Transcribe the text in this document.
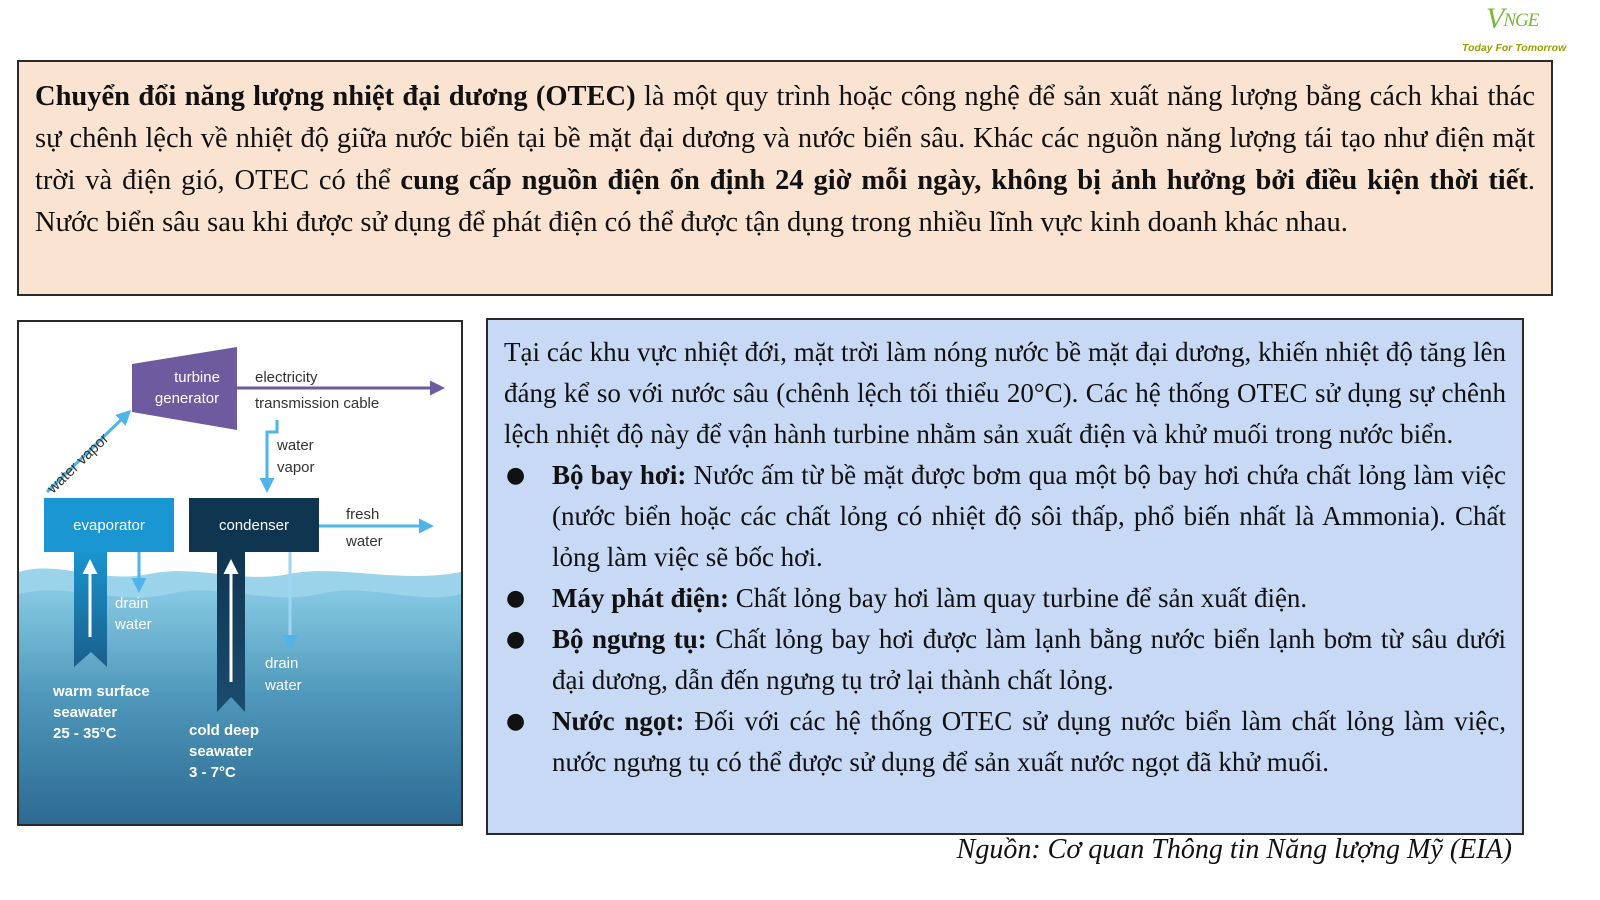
VNGE
Today For Tomorrow
Chuyển đổi năng lượng nhiệt đại dương (OTEC) là một quy trình hoặc công nghệ để sản xuất năng lượng bằng cách khai thác sự chênh lệch về nhiệt độ giữa nước biển tại bề mặt đại dương và nước biển sâu. Khác các nguồn năng lượng tái tạo như điện mặt trời và điện gió, OTEC có thể cung cấp nguồn điện ổn định 24 giờ mỗi ngày, không bị ảnh hưởng bởi điều kiện thời tiết. Nước biển sâu sau khi được sử dụng để phát điện có thể được tận dụng trong nhiều lĩnh vực kinh doanh khác nhau.
evaporator	condenser
turbine
generator
electricity
transmission cable
water vapor	water
vapor
fresh
water
drain
water
drain
water
warm surface
seawater
25 - 35°C	cold deep
seawater
3 - 7°C

Tại các khu vực nhiệt đới, mặt trời làm nóng nước bề mặt đại dương, khiến nhiệt độ tăng lên đáng kể so với nước sâu (chênh lệch tối thiểu 20°C). Các hệ thống OTEC sử dụng sự chênh lệch nhiệt độ này để vận hành turbine nhằm sản xuất điện và khử muối trong nước biển.

● Bộ bay hơi: Nước ấm từ bề mặt được bơm qua một bộ bay hơi chứa chất lỏng làm việc (nước biển hoặc các chất lỏng có nhiệt độ sôi thấp, phổ biến nhất là Ammonia). Chất lỏng làm việc sẽ bốc hơi.
● Máy phát điện: Chất lỏng bay hơi làm quay turbine để sản xuất điện.
● Bộ ngưng tụ: Chất lỏng bay hơi được làm lạnh bằng nước biển lạnh bơm từ sâu dưới đại dương, dẫn đến ngưng tụ trở lại thành chất lỏng.
● Nước ngọt: Đối với các hệ thống OTEC sử dụng nước biển làm chất lỏng làm việc, nước ngưng tụ có thể được sử dụng để sản xuất nước ngọt đã khử muối.
Nguồn: Cơ quan Thông tin Năng lượng Mỹ (EIA)
